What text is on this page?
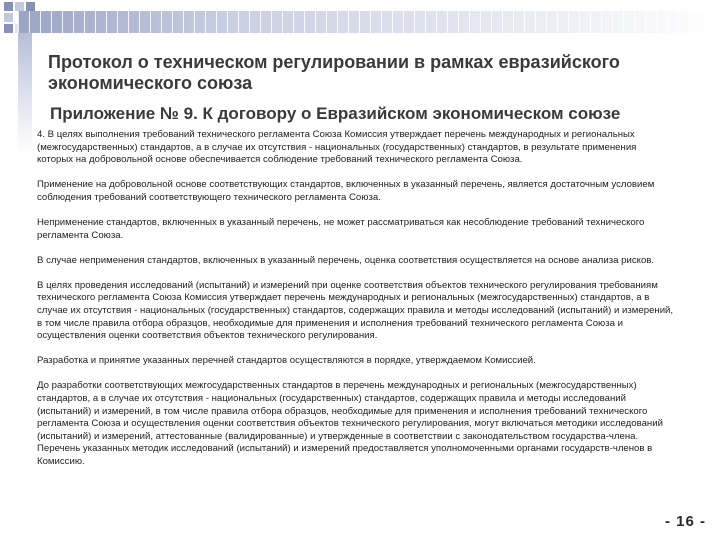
Протокол о техническом регулировании в рамках евразийского экономического союза
Приложение № 9. К договору о Евразийском экономическом союзе

4. В целях выполнения требований технического регламента Союза Комиссия утверждает перечень международных и региональных (межгосударственных) стандартов, а в случае их отсутствия - национальных (государственных) стандартов, в результате применения которых на добровольной основе обеспечивается соблюдение требований технического регламента Союза.

Применение на добровольной основе соответствующих стандартов, включенных в указанный перечень, является достаточным условием соблюдения требований соответствующего технического регламента Союза.

Неприменение стандартов, включенных в указанный перечень, не может рассматриваться как несоблюдение требований технического регламента Союза.

В случае неприменения стандартов, включенных в указанный перечень, оценка соответствия осуществляется на основе анализа рисков.

В целях проведения исследований (испытаний) и измерений при оценке соответствия объектов технического регулирования требованиям технического регламента Союза Комиссия утверждает перечень международных и региональных (межгосударственных) стандартов, а в случае их отсутствия - национальных (государственных) стандартов, содержащих правила и методы исследований (испытаний) и измерений, в том числе правила отбора образцов, необходимые для применения и исполнения требований технического регламента Союза и осуществления оценки соответствия объектов технического регулирования.

Разработка и принятие указанных перечней стандартов осуществляются в порядке, утверждаемом Комиссией.

До разработки соответствующих межгосударственных стандартов в перечень международных и региональных (межгосударственных) стандартов, а в случае их отсутствия - национальных (государственных) стандартов, содержащих правила и методы исследований (испытаний) и измерений, в том числе правила отбора образцов, необходимые для применения и исполнения требований технического регламента Союза и осуществления оценки соответствия объектов технического регулирования, могут включаться методики исследований (испытаний) и измерений, аттестованные (валидированные) и утвержденные в соответствии с законодательством государства-члена. Перечень указанных методик исследований (испытаний) и измерений предоставляется уполномоченными органами государств-членов в Комиссию.

- 16 -
